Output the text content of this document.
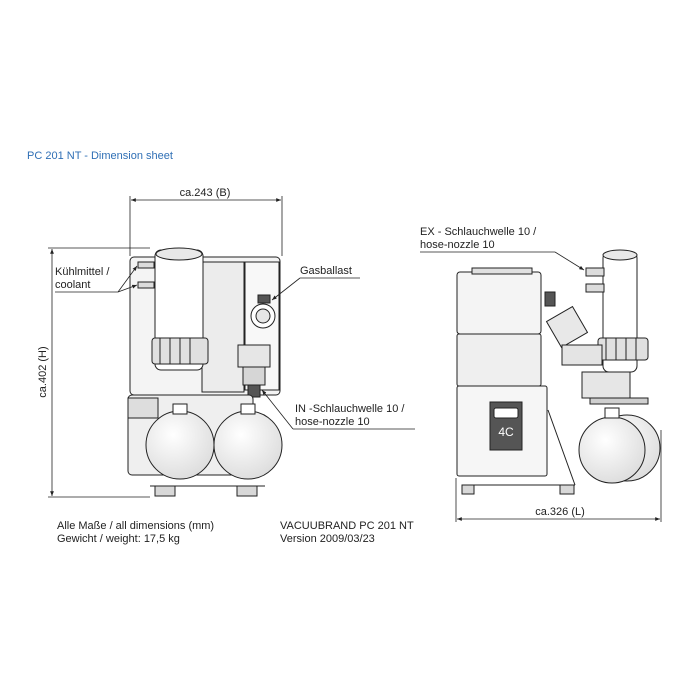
PC 201 NT - Dimension sheet
ca.243 (B)
ca.402 (H)
Kühlmittel /
coolant
Gasballast
IN -Schlauchwelle 10 /
hose-nozzle 10
4C
ca.326 (L)
EX - Schlauchwelle 10 /
hose-nozzle 10
Alle Maße / all dimensions (mm)
Gewicht / weight: 17,5 kg
VACUUBRAND PC 201 NT
Version 2009/03/23
